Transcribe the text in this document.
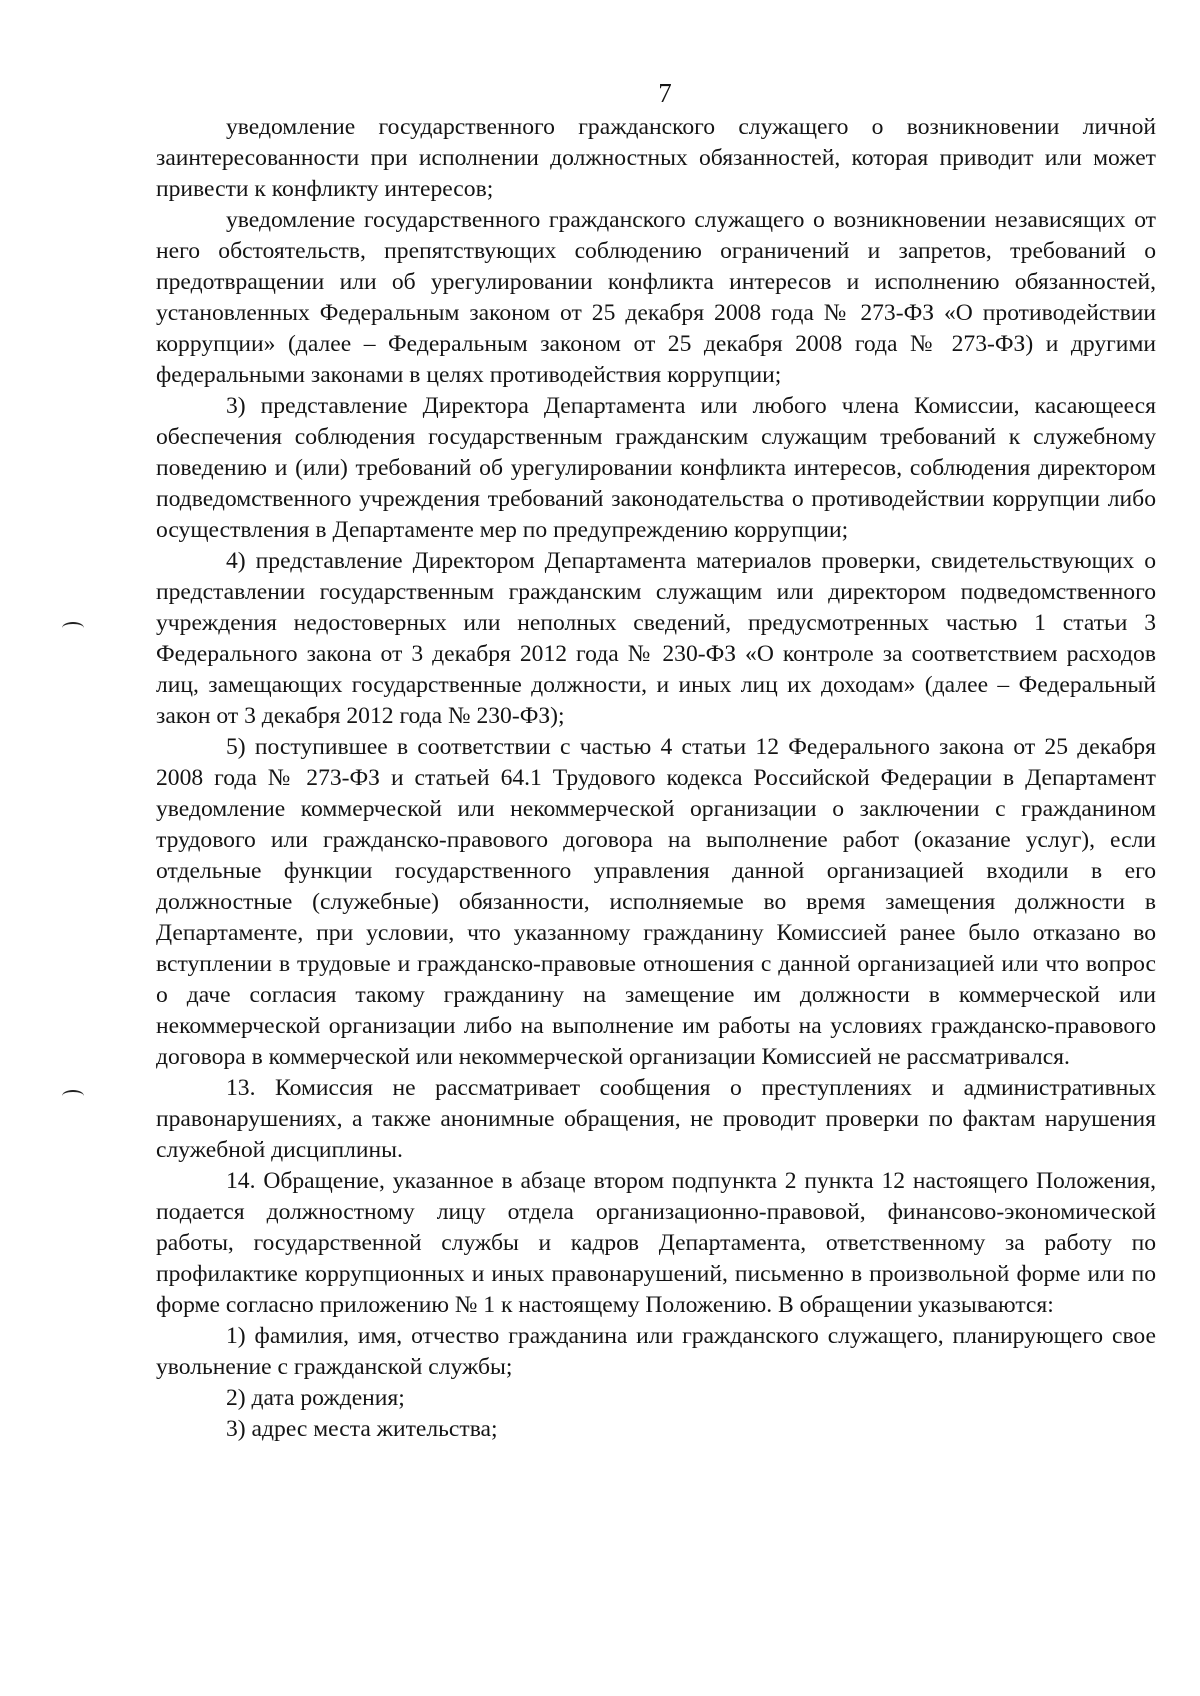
7

уведомление государственного гражданского служащего о возникновении личной заинтересованности при исполнении должностных обязанностей, которая приводит или может привести к конфликту интересов;

уведомление государственного гражданского служащего о возникновении независящих от него обстоятельств, препятствующих соблюдению ограничений и запретов, требований о предотвращении или об урегулировании конфликта интересов и исполнению обязанностей, установленных Федеральным законом от 25 декабря 2008 года № 273-ФЗ «О противодействии коррупции» (далее – Федеральным законом от 25 декабря 2008 года № 273-ФЗ) и другими федеральными законами в целях противодействия коррупции;

3) представление Директора Департамента или любого члена Комиссии, касающееся обеспечения соблюдения государственным гражданским служащим требований к служебному поведению и (или) требований об урегулировании конфликта интересов, соблюдения директором подведомственного учреждения требований законодательства о противодействии коррупции либо осуществления в Департаменте мер по предупреждению коррупции;

4) представление Директором Департамента материалов проверки, свидетельствующих о представлении государственным гражданским служащим или директором подведомственного учреждения недостоверных или неполных сведений, предусмотренных частью 1 статьи 3 Федерального закона от 3 декабря 2012 года № 230-ФЗ «О контроле за соответствием расходов лиц, замещающих государственные должности, и иных лиц их доходам» (далее – Федеральный закон от 3 декабря 2012 года № 230-ФЗ);

5) поступившее в соответствии с частью 4 статьи 12 Федерального закона от 25 декабря 2008 года № 273-ФЗ и статьей 64.1 Трудового кодекса Российской Федерации в Департамент уведомление коммерческой или некоммерческой организации о заключении с гражданином трудового или гражданско-правового договора на выполнение работ (оказание услуг), если отдельные функции государственного управления данной организацией входили в его должностные (служебные) обязанности, исполняемые во время замещения должности в Департаменте, при условии, что указанному гражданину Комиссией ранее было отказано во вступлении в трудовые и гражданско-правовые отношения с данной организацией или что вопрос о даче согласия такому гражданину на замещение им должности в коммерческой или некоммерческой организации либо на выполнение им работы на условиях гражданско-правового договора в коммерческой или некоммерческой организации Комиссией не рассматривался.

13. Комиссия не рассматривает сообщения о преступлениях и административных правонарушениях, а также анонимные обращения, не проводит проверки по фактам нарушения служебной дисциплины.

14. Обращение, указанное в абзаце втором подпункта 2 пункта 12 настоящего Положения, подается должностному лицу отдела организационно-правовой, финансово-экономической работы, государственной службы и кадров Департамента, ответственному за работу по профилактике коррупционных и иных правонарушений, письменно в произвольной форме или по форме согласно приложению № 1 к настоящему Положению. В обращении указываются:

1) фамилия, имя, отчество гражданина или гражданского служащего, планирующего свое увольнение с гражданской службы;

2) дата рождения;

3) адрес места жительства;
